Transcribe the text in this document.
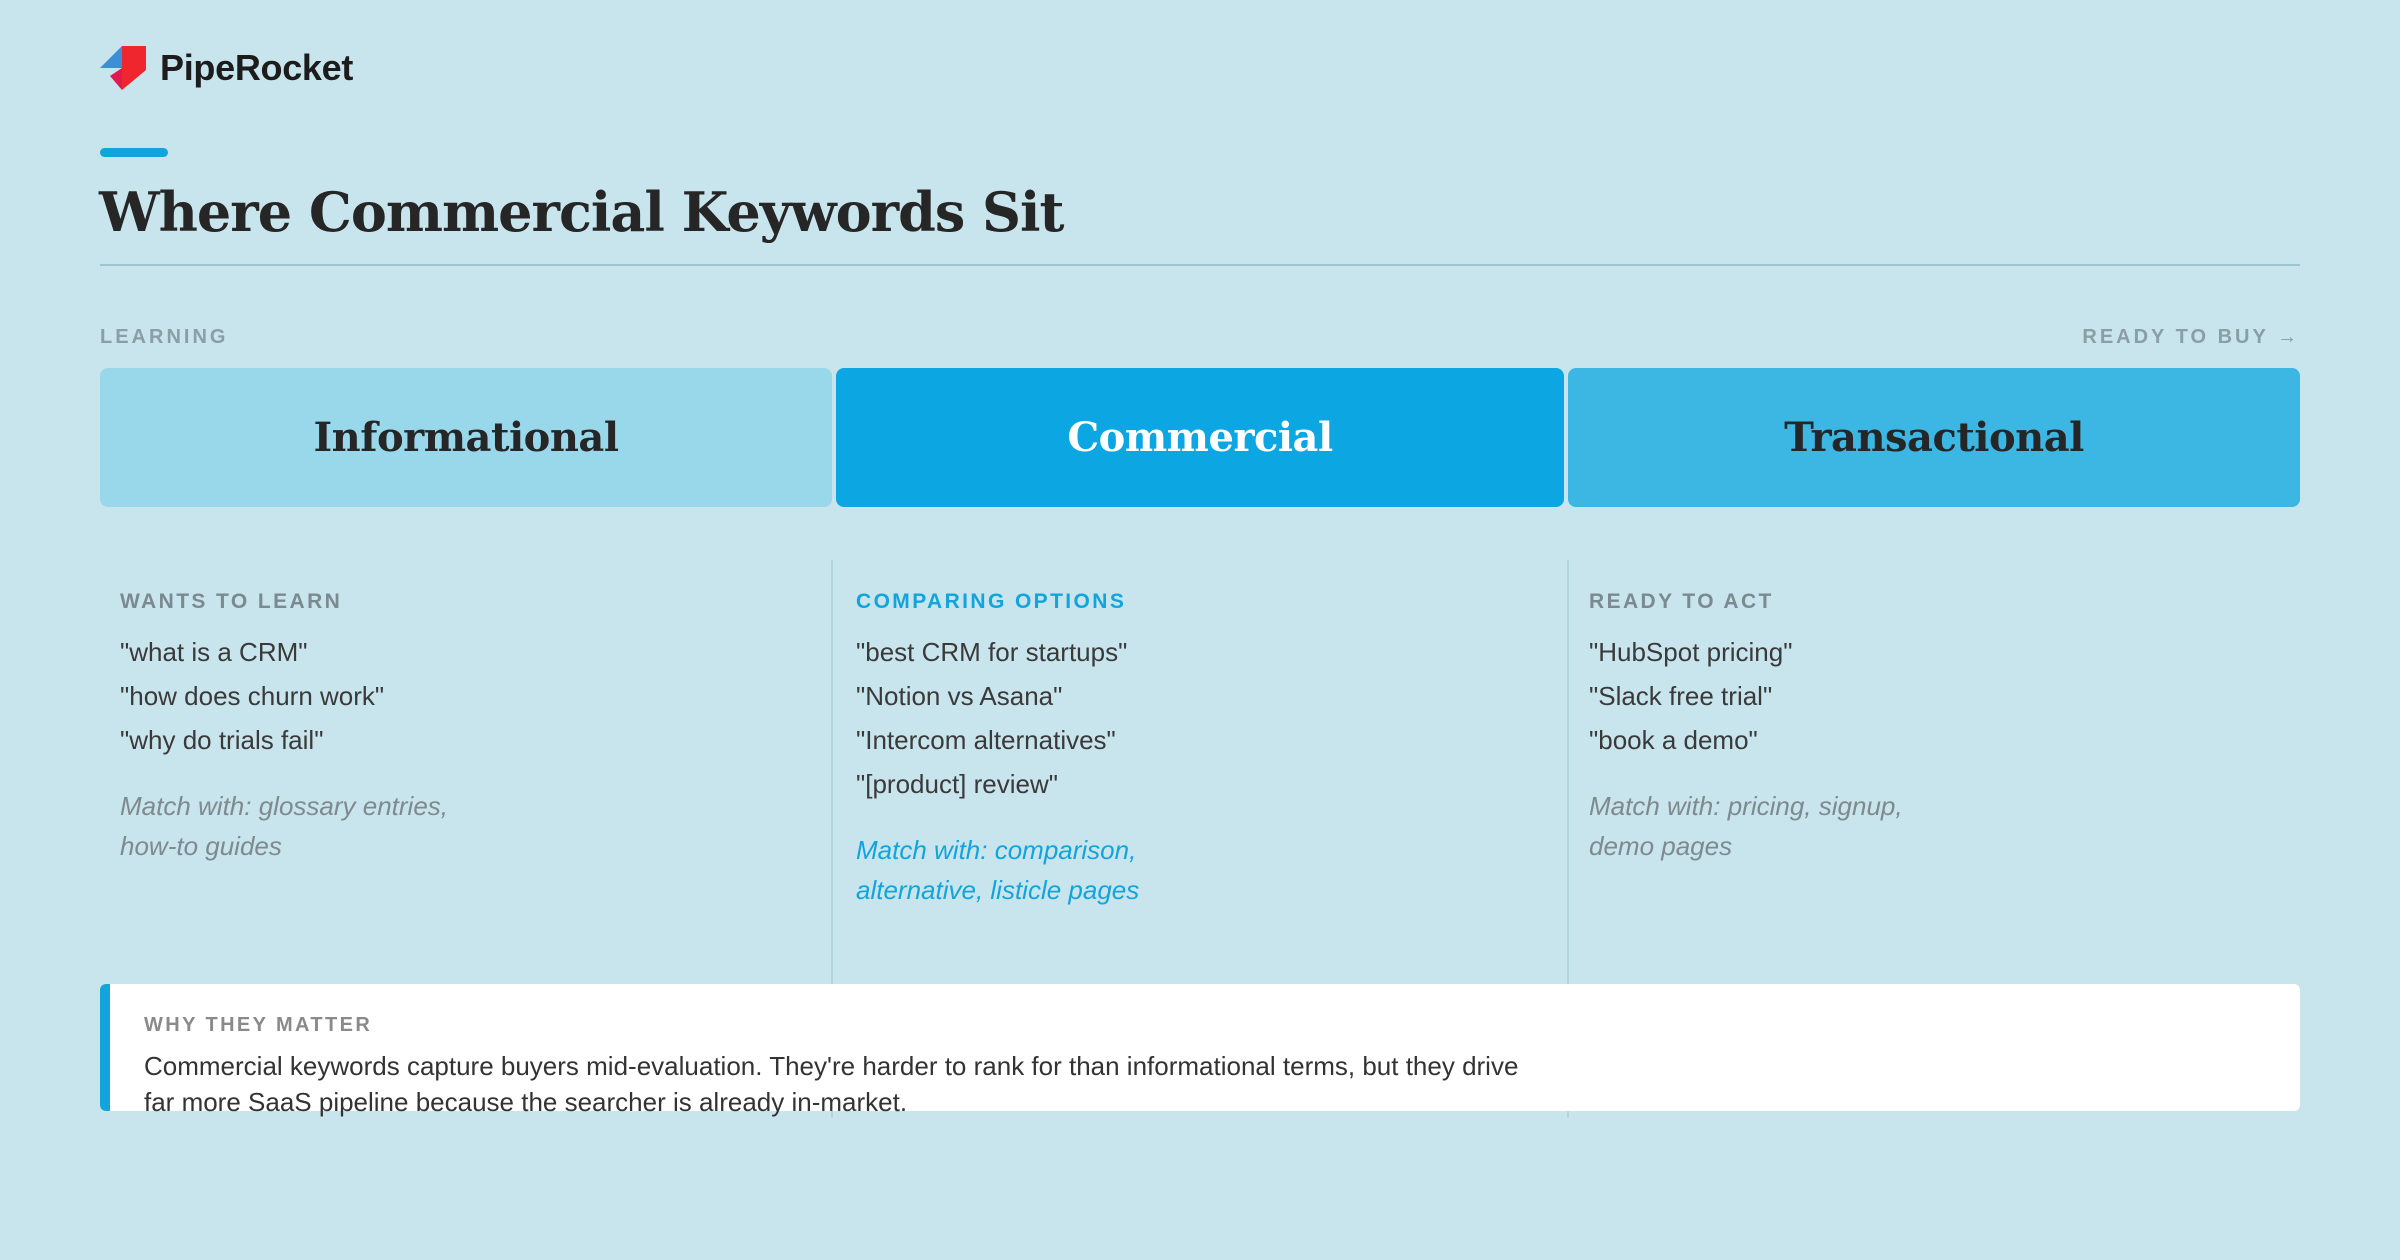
PipeRocket
Where Commercial Keywords Sit
LEARNING	READY TO BUY →
Informational	Commercial	Transactional
WANTS TO LEARN
"what is a CRM"
"how does churn work"
"why do trials fail"
Match with: glossary entries, how-to guides
COMPARING OPTIONS
"best CRM for startups"
"Notion vs Asana"
"Intercom alternatives"
"[product] review"
Match with: comparison, alternative, listicle pages
READY TO ACT
"HubSpot pricing"
"Slack free trial"
"book a demo"
Match with: pricing, signup, demo pages
WHY THEY MATTER
Commercial keywords capture buyers mid-evaluation. They're harder to rank for than informational terms, but they drive far more SaaS pipeline because the searcher is already in-market.
